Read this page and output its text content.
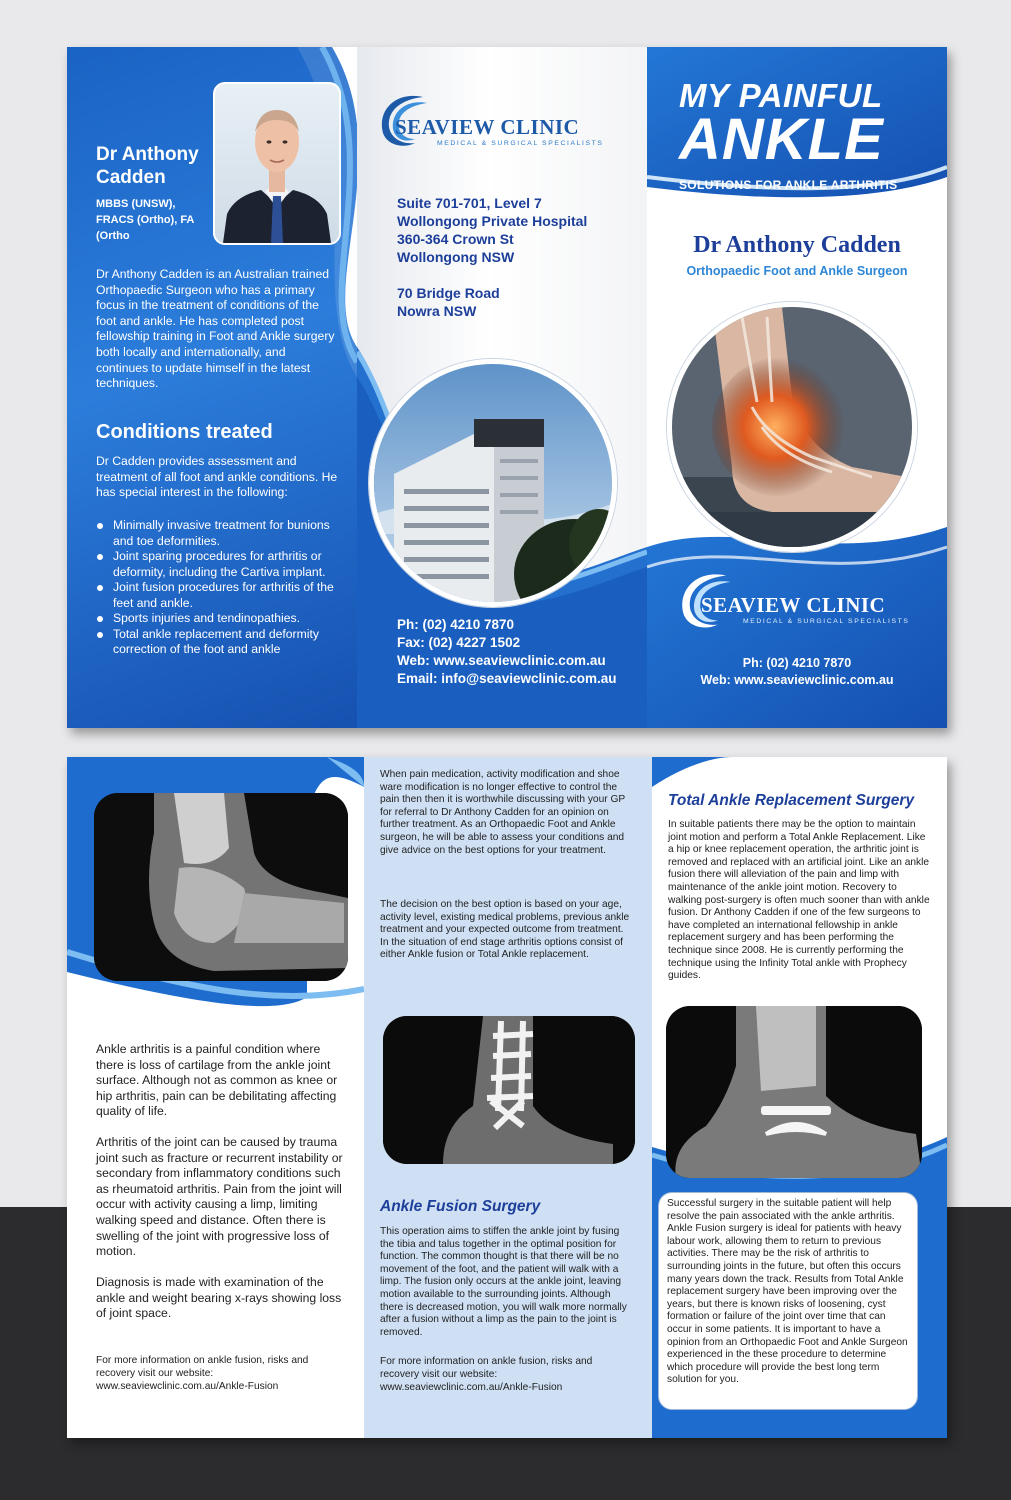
Dr Anthony Cadden
MBBS (UNSW), FRACS (Ortho), FA (Ortho
Dr Anthony Cadden is an Australian trained Orthopaedic Surgeon who has a primary focus in the treatment of conditions of the foot and ankle. He has completed post fellowship training in Foot and Ankle surgery both locally and internationally, and continues to update himself in the latest techniques.
Conditions treated
Dr Cadden provides assessment and treatment of all foot and ankle conditions. He has special interest in the following:
Minimally invasive treatment for bunions and toe deformities.
Joint sparing procedures for arthritis or deformity, including the Cartiva implant.
Joint fusion procedures for arthritis of the feet and ankle.
Sports injuries and tendinopathies.
Total ankle replacement and deformity correction of the foot and ankle
SEAVIEW CLINIC
MEDICAL & SURGICAL SPECIALISTS
Suite 701-701, Level 7
Wollongong Private Hospital
360-364 Crown St
Wollongong NSW
70 Bridge Road
Nowra NSW
Ph: (02) 4210 7870
Fax: (02) 4227 1502
Web: www.seaviewclinic.com.au
Email: info@seaviewclinic.com.au
MY PAINFUL
ANKLE
SOLUTIONS FOR ANKLE ARTHRITIS
Dr Anthony Cadden
Orthopaedic Foot and Ankle Surgeon
SEAVIEW CLINIC
MEDICAL & SURGICAL SPECIALISTS
Ph: (02) 4210 7870
Web: www.seaviewclinic.com.au
Ankle arthritis is a painful condition where there is loss of cartilage from the ankle joint surface. Although not as common as knee or hip arthritis, pain can be debilitating affecting quality of life.
Arthritis of the joint can be caused by trauma joint such as fracture or recurrent instability or secondary from inflammatory conditions such as rheumatoid arthritis. Pain from the joint will occur with activity causing a limp, limiting walking speed and distance. Often there is swelling of the joint with progressive loss of motion.
Diagnosis is made with examination of the ankle and weight bearing x-rays showing loss of joint space.
For more information on ankle fusion, risks and recovery visit our website:
www.seaviewclinic.com.au/Ankle-Fusion
When pain medication, activity modification and shoe ware modification is no longer effective to control the pain then then it is worthwhile discussing with your GP for referral to Dr Anthony Cadden for an opinion on further treatment. As an Orthopaedic Foot and Ankle surgeon, he will be able to assess your conditions and give advice on the best options for your treatment.
The decision on the best option is based on your age, activity level, existing medical problems, previous ankle treatment and your expected outcome from treatment. In the situation of end stage arthritis options consist of either Ankle fusion or Total Ankle replacement.
Ankle Fusion Surgery
This operation aims to stiffen the ankle joint by fusing the tibia and talus together in the optimal position for function. The common thought is that there will be no movement of the foot, and the patient will walk with a limp. The fusion only occurs at the ankle joint, leaving motion available to the surrounding joints. Although there is decreased motion, you will walk more normally after a fusion without a limp as the pain to the joint is removed.
For more information on ankle fusion, risks and recovery visit our website:
www.seaviewclinic.com.au/Ankle-Fusion
Total Ankle Replacement Surgery
In suitable patients there may be the option to maintain joint motion and perform a Total Ankle Replacement. Like a hip or knee replacement operation, the arthritic joint is removed and replaced with an artificial joint. Like an ankle fusion there will alleviation of the pain and limp with maintenance of the ankle joint motion. Recovery to walking post-surgery is often much sooner than with ankle fusion. Dr Anthony Cadden if one of the few surgeons to have completed an international fellowship in ankle replacement surgery and has been performing the technique since 2008. He is currently performing the technique using the Infinity Total ankle with Prophecy guides.
Successful surgery in the suitable patient will help resolve the pain associated with the ankle arthritis. Ankle Fusion surgery is ideal for patients with heavy labour work, allowing them to return to previous activities. There may be the risk of arthritis to surrounding joints in the future, but often this occurs many years down the track. Results from Total Ankle replacement surgery have been improving over the years, but there is known risks of loosening, cyst formation or failure of the joint over time that can occur in some patients. It is important to have a opinion from an Orthopaedic Foot and Ankle Surgeon experienced in the these procedure to determine which procedure will provide the best long term solution for you.
